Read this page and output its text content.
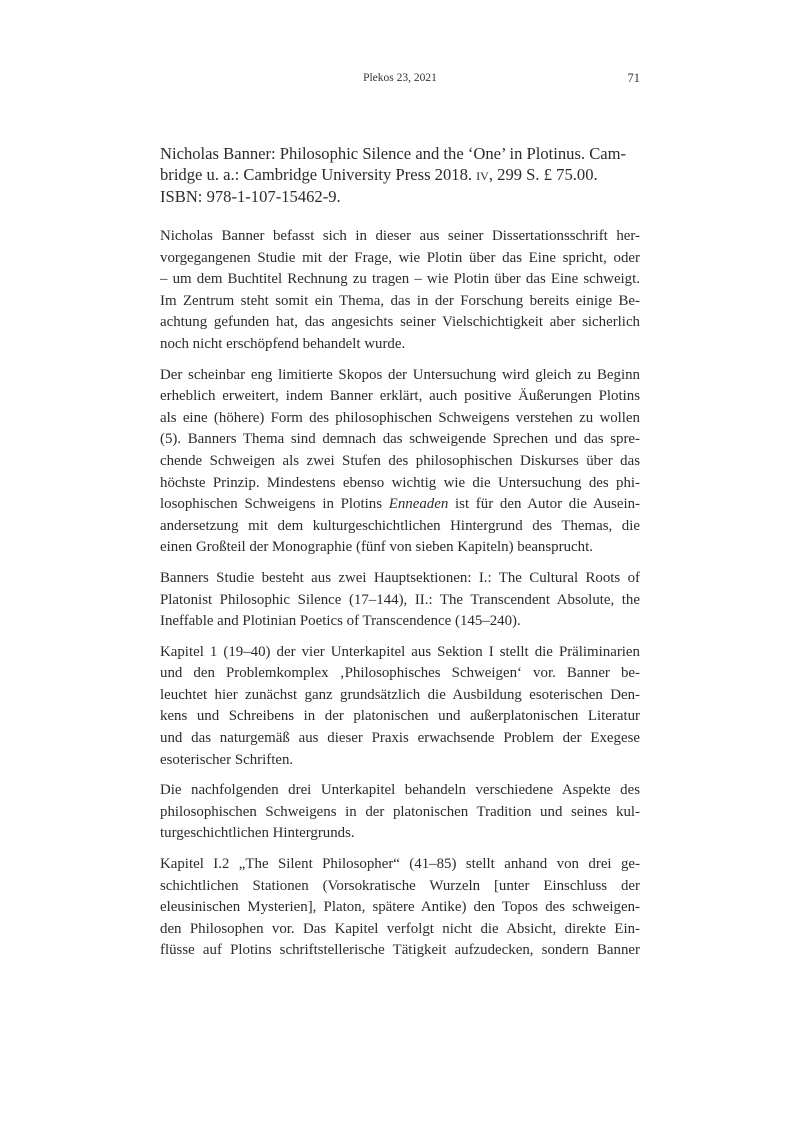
Plekos 23, 2021	71
Nicholas Banner: Philosophic Silence and the ‘One’ in Plotinus. Cam-
bridge u. a.: Cambridge University Press 2018. iv, 299 S. £ 75.00.
ISBN: 978-1-107-15462-9.

Nicholas Banner befasst sich in dieser aus seiner Dissertationsschrift her-
vorgegangenen Studie mit der Frage, wie Plotin über das Eine spricht, oder
– um dem Buchtitel Rechnung zu tragen – wie Plotin über das Eine schweigt.
Im Zentrum steht somit ein Thema, das in der Forschung bereits einige Be-
achtung gefunden hat, das angesichts seiner Vielschichtigkeit aber sicherlich
noch nicht erschöpfend behandelt wurde.

Der scheinbar eng limitierte Skopos der Untersuchung wird gleich zu Beginn
erheblich erweitert, indem Banner erklärt, auch positive Äußerungen Plotins
als eine (höhere) Form des philosophischen Schweigens verstehen zu wollen
(5). Banners Thema sind demnach das schweigende Sprechen und das spre-
chende Schweigen als zwei Stufen des philosophischen Diskurses über das
höchste Prinzip. Mindestens ebenso wichtig wie die Untersuchung des phi-
losophischen Schweigens in Plotins Enneaden ist für den Autor die Ausein-
andersetzung mit dem kulturgeschichtlichen Hintergrund des Themas, die
einen Großteil der Monographie (fünf von sieben Kapiteln) beansprucht.

Banners Studie besteht aus zwei Hauptsektionen: I.: The Cultural Roots of
Platonist Philosophic Silence (17–144), II.: The Transcendent Absolute, the
Ineffable and Plotinian Poetics of Transcendence (145–240).

Kapitel 1 (19–40) der vier Unterkapitel aus Sektion I stellt die Präliminarien
und den Problemkomplex ‚Philosophisches Schweigen‘ vor. Banner be-
leuchtet hier zunächst ganz grundsätzlich die Ausbildung esoterischen Den-
kens und Schreibens in der platonischen und außerplatonischen Literatur
und das naturgemäß aus dieser Praxis erwachsende Problem der Exegese
esoterischer Schriften.

Die nachfolgenden drei Unterkapitel behandeln verschiedene Aspekte des
philosophischen Schweigens in der platonischen Tradition und seines kul-
turgeschichtlichen Hintergrunds.

Kapitel I.2 „The Silent Philosopher“ (41–85) stellt anhand von drei ge-
schichtlichen Stationen (Vorsokratische Wurzeln [unter Einschluss der
eleusinischen Mysterien], Platon, spätere Antike) den Topos des schweigen-
den Philosophen vor. Das Kapitel verfolgt nicht die Absicht, direkte Ein-
flüsse auf Plotins schriftstellerische Tätigkeit aufzudecken, sondern Banner
